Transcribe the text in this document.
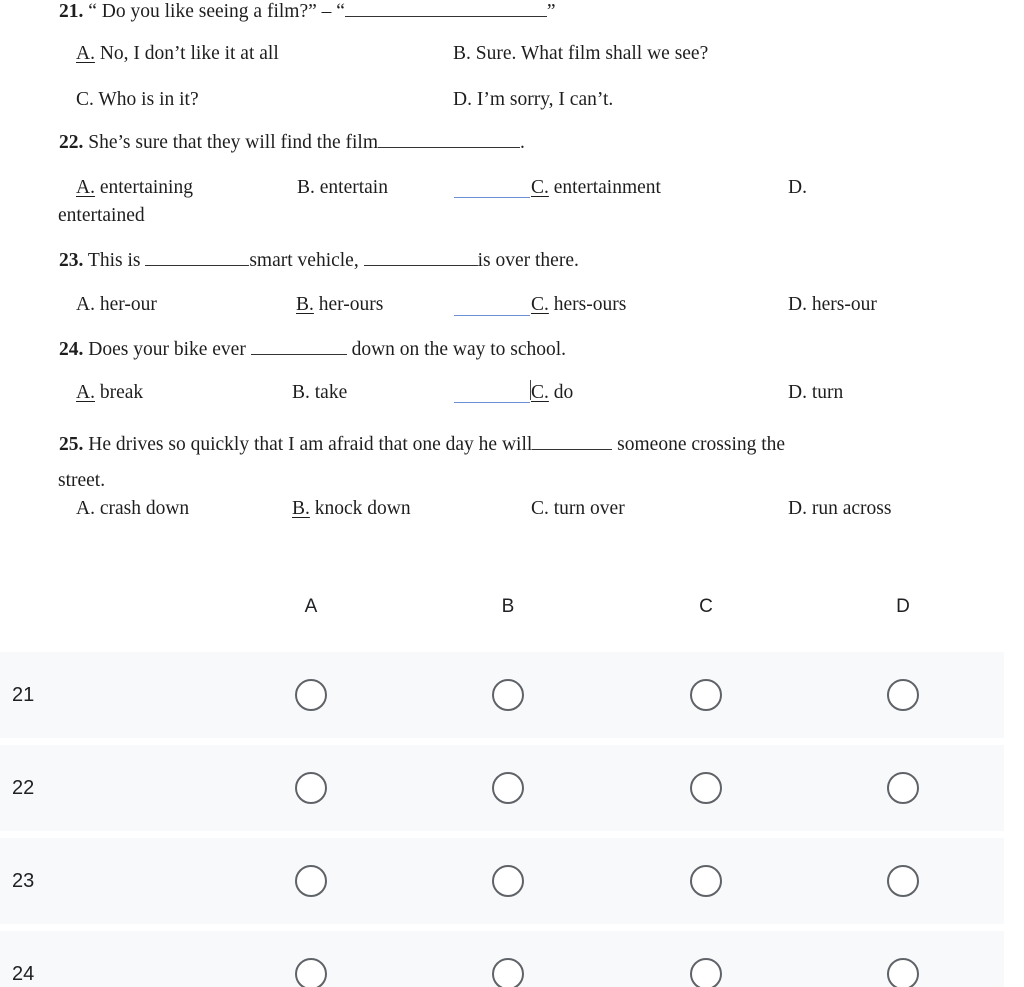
21. “ Do you like seeing a film?” – “	”
A. No, I don’t like it at all	B. Sure. What film shall we see?
C. Who is in it?	D. I’m sorry, I can’t.
22. She’s sure that they will find the film	.
A. entertaining	B. entertain	C. entertainment	D.
entertained
23. This is	smart vehicle,	is over there.
A. her-our	B. her-ours	C. hers-ours	D. hers-our
24. Does your bike ever	down on the way to school.
A. break	B. take	C. do	D. turn
25. He drives so quickly that I am afraid that one day he will	someone crossing the
street.
A. crash down	B. knock down	C. turn over	D. run across
A	B	C	D
21
22
23
24
